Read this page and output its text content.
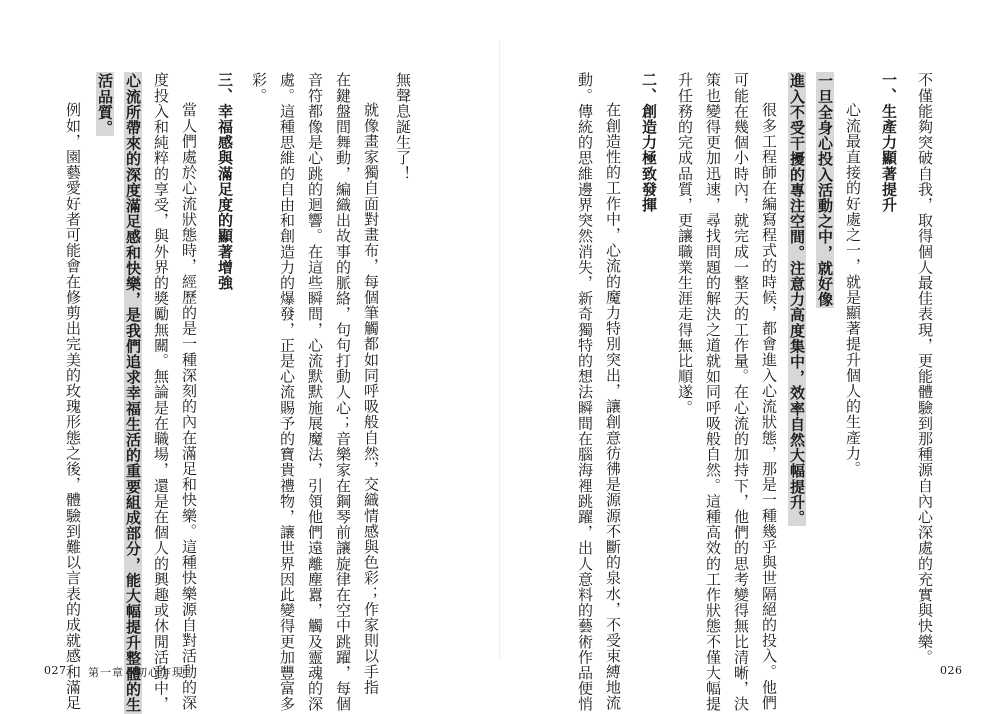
不僅能夠突破自我，取得個人最佳表現，更能體驗到那種源自內心深處的充實與快樂。
一、生產力顯著提升
心流最直接的好處之一，就是顯著提升個人的生產力。
一旦全身心投入活動之中，就好像
進入不受干擾的專注空間。注意力高度集中，效率自然大幅提升。
很多工程師在編寫程式的時候，都會進入心流狀態，那是一種幾乎與世隔絕的投入。他們
可能在幾個小時內，就完成一整天的工作量。在心流的加持下，他們的思考變得無比清晰，決
策也變得更加迅速，尋找問題的解決之道就如同呼吸般自然。這種高效的工作狀態不僅大幅提
升任務的完成品質，更讓職業生涯走得無比順遂。
二、創造力極致發揮
在創造性的工作中，心流的魔力特別突出，讓創意彷彿是源源不斷的泉水，不受束縛地流
動。傳統的思維邊界突然消失，新奇獨特的想法瞬間在腦海裡跳躍，出人意料的藝術作品便悄	026
無聲息誕生了！
就像畫家獨自面對畫布，每個筆觸都如同呼吸般自然，交織情感與色彩；作家則以手指
在鍵盤間舞動，編織出故事的脈絡，句句打動人心；音樂家在鋼琴前讓旋律在空中跳躍，每個
音符都像是心跳的迴響。在這些瞬間，心流默默施展魔法，引領他們遠離塵囂，觸及靈魂的深
處。這種思維的自由和創造力的爆發，正是心流賜予的寶貴禮物，讓世界因此變得更加豐富多
彩。
三、幸福感與滿足度的顯著增強
當人們處於心流狀態時，經歷的是一種深刻的內在滿足和快樂。這種快樂源自對活動的深
度投入和純粹的享受，與外界的獎勵無關。無論是在職場，還是在個人的興趣或休閒活動中，
心流所帶來的深度滿足感和快樂，是我們追求幸福生活的重要組成部分，能大幅提升整體的生
活品質。
例如，園藝愛好者可能會在修剪出完美的玫瑰形態之後，體驗到難以言表的成就感和滿足
027 第一章　初心乍現
